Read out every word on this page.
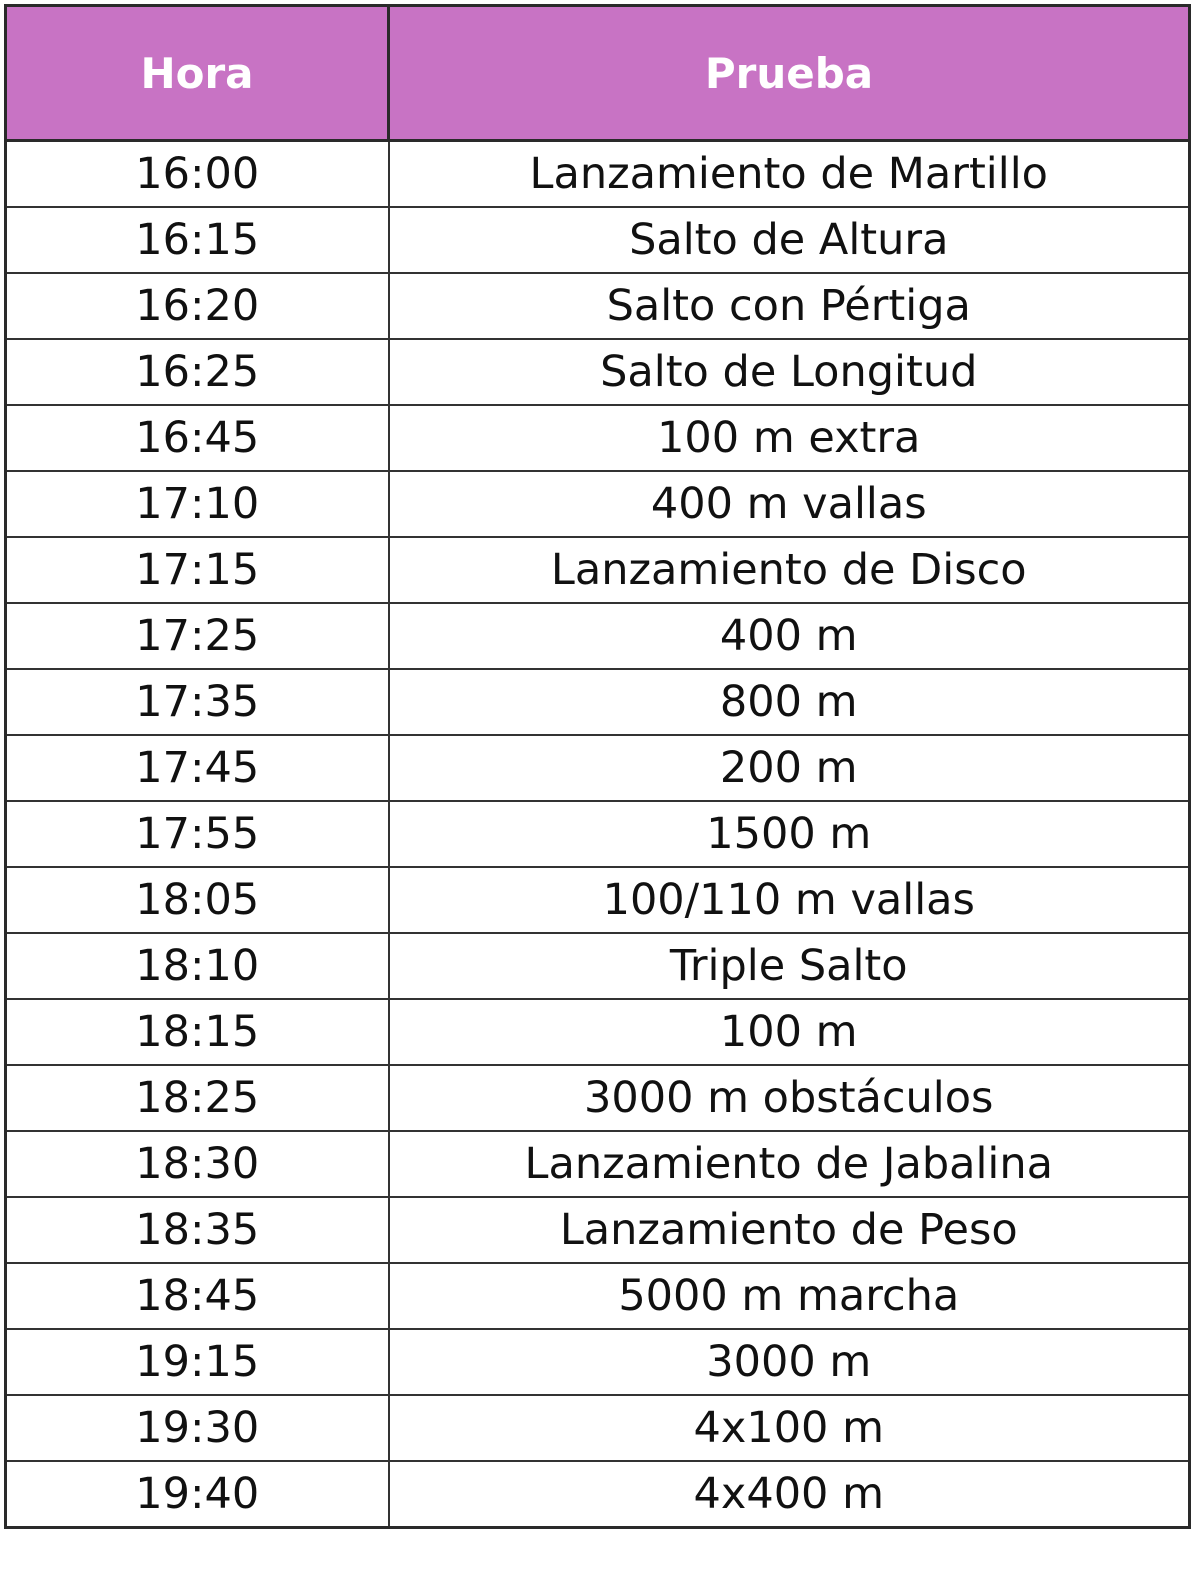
Hora	Prueba
16:00	Lanzamiento de Martillo
16:15	Salto de Altura
16:20	Salto con Pértiga
16:25	Salto de Longitud
16:45	100 m extra
17:10	400 m vallas
17:15	Lanzamiento de Disco
17:25	400 m
17:35	800 m
17:45	200 m
17:55	1500 m
18:05	100/110 m vallas
18:10	Triple Salto
18:15	100 m
18:25	3000 m obstáculos
18:30	Lanzamiento de Jabalina
18:35	Lanzamiento de Peso
18:45	5000 m marcha
19:15	3000 m
19:30	4x100 m
19:40	4x400 m
